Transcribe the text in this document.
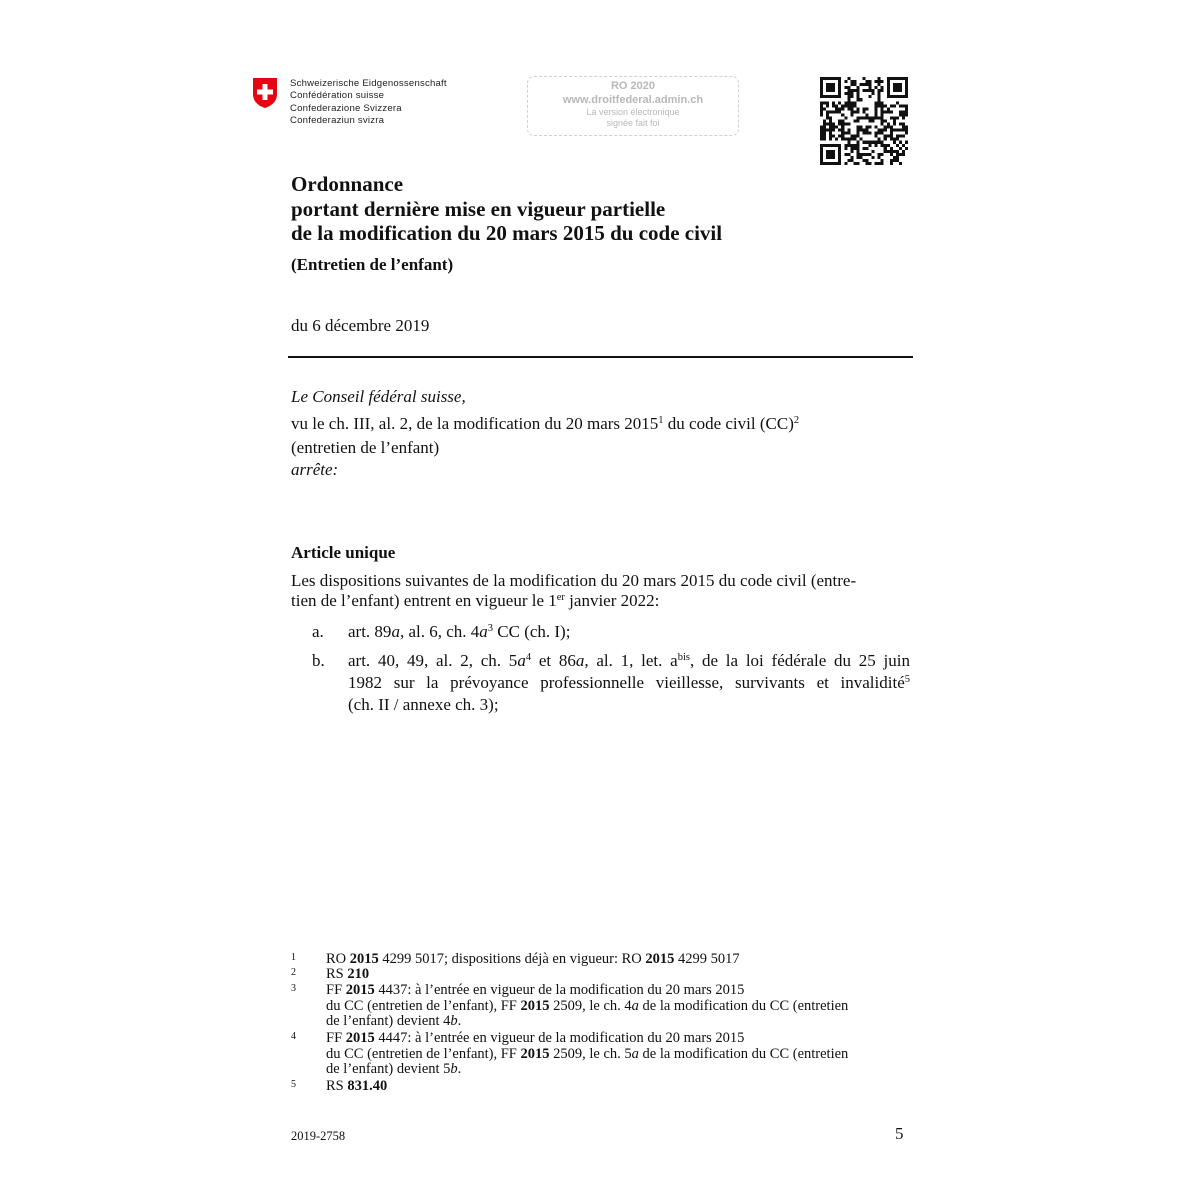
Schweizerische Eidgenossenschaft
Confédération suisse
Confederazione Svizzera
Confederaziun svizra
RO 2020
www.droitfederal.admin.ch
La version électronique
signée fait foi
Ordonnance
portant dernière mise en vigueur partielle
de la modification du 20 mars 2015 du code civil
(Entretien de l’enfant)
du 6 décembre 2019

Le Conseil fédéral suisse,

vu le ch. III, al. 2, de la modification du 20 mars 2015$^1$ du code civil (CC)$^2$

(entretien de l’enfant)

arrête:

Article unique

Les dispositions suivantes de la modification du 20 mars 2015 du code civil (entre-

tien de l’enfant) entrent en vigueur le 1er janvier 2022:

a. art. 89a, al. 6, ch. $4a^3$ CC (ch. I);
b. art. 40, 49, al. 2, ch. $5a^4$ et 86a, al. 1, let. $a^{bis}$, de la loi fédérale du 25 juin
1982 sur la prévoyance professionnelle vieillesse, survivants et invalidité$^5$
(ch. II / annexe ch. 3);
1 RO 2015 4299 5017; dispositions déjà en vigueur: RO 2015 4299 5017
2 RS 210
3 FF 2015 4437: à l’entrée en vigueur de la modification du 20 mars 2015
du CC (entretien de l’enfant), FF 2015 2509, le ch. 4a de la modification du CC (entretien
de l’enfant) devient 4b.
4 FF 2015 4447: à l’entrée en vigueur de la modification du 20 mars 2015
du CC (entretien de l’enfant), FF 2015 2509, le ch. 5a de la modification du CC (entretien
de l’enfant) devient 5b.
5 RS 831.40
2019-2758	5
